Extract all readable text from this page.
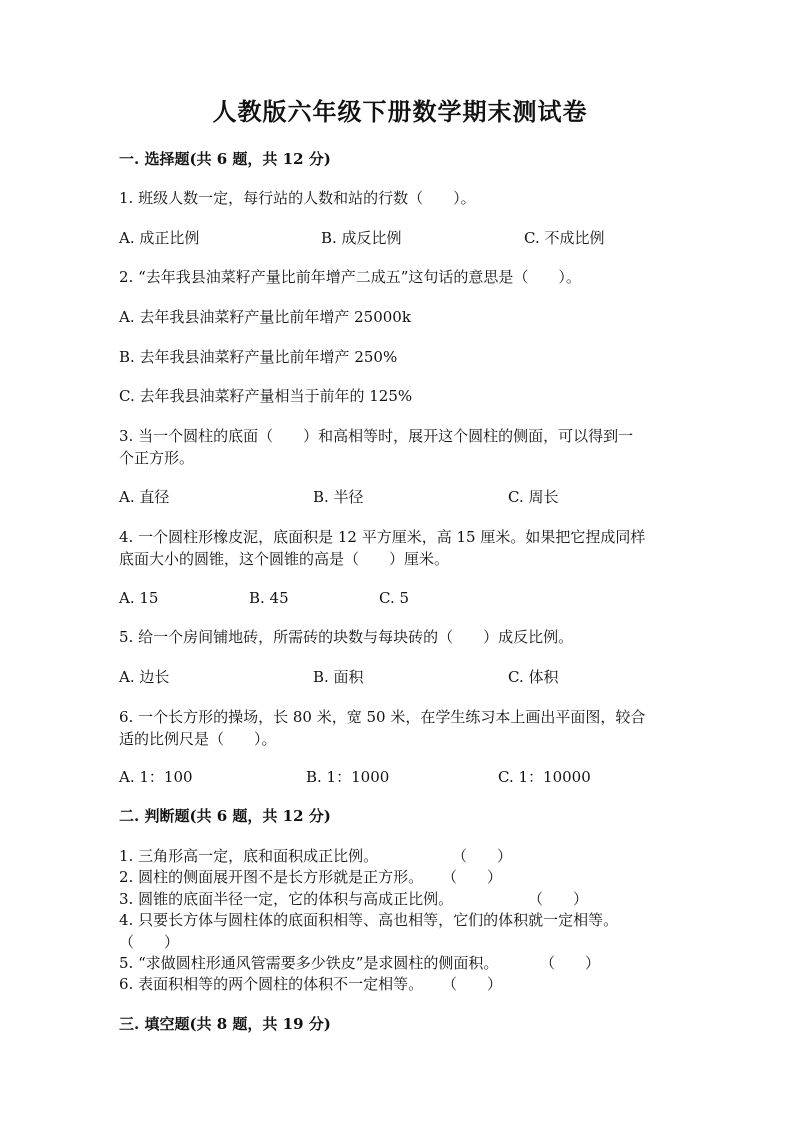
人教版六年级下册数学期末测试卷
一. 选择题(共 6 题，共 12 分)
1. 班级人数一定，每行站的人数和站的行数（　　）。
A. 成正比例	B. 成反比例	C. 不成比例
2. “去年我县油菜籽产量比前年增产二成五”这句话的意思是（　　）。
A. 去年我县油菜籽产量比前年增产 25000k
B. 去年我县油菜籽产量比前年增产 250%
C. 去年我县油菜籽产量相当于前年的 125%
3. 当一个圆柱的底面（　　）和高相等时，展开这个圆柱的侧面，可以得到一
个正方形。
A. 直径	B. 半径	C. 周长
4. 一个圆柱形橡皮泥，底面积是 12 平方厘米，高 15 厘米。如果把它捏成同样
底面大小的圆锥，这个圆锥的高是（　　）厘米。
A. 15	B. 45	C. 5
5. 给一个房间铺地砖，所需砖的块数与每块砖的（　　）成反比例。
A. 边长	B. 面积	C. 体积
6. 一个长方形的操场，长 80 米，宽 50 米，在学生练习本上画出平面图，较合
适的比例尺是（　　）。
A. 1：100	B. 1：1000	C. 1：10000
二. 判断题(共 6 题，共 12 分)
1. 三角形高一定，底和面积成正比例。	（　　）
2. 圆柱的侧面展开图不是长方形就是正方形。 （　　）
3. 圆锥的底面半径一定，它的体积与高成正比例。	（　　）
4. 只要长方体与圆柱体的底面积相等、高也相等，它们的体积就一定相等。
（　　）
5. “求做圆柱形通风管需要多少铁皮”是求圆柱的侧面积。	（　　）
6. 表面积相等的两个圆柱的体积不一定相等。 （　　）
三. 填空题(共 8 题，共 19 分)
